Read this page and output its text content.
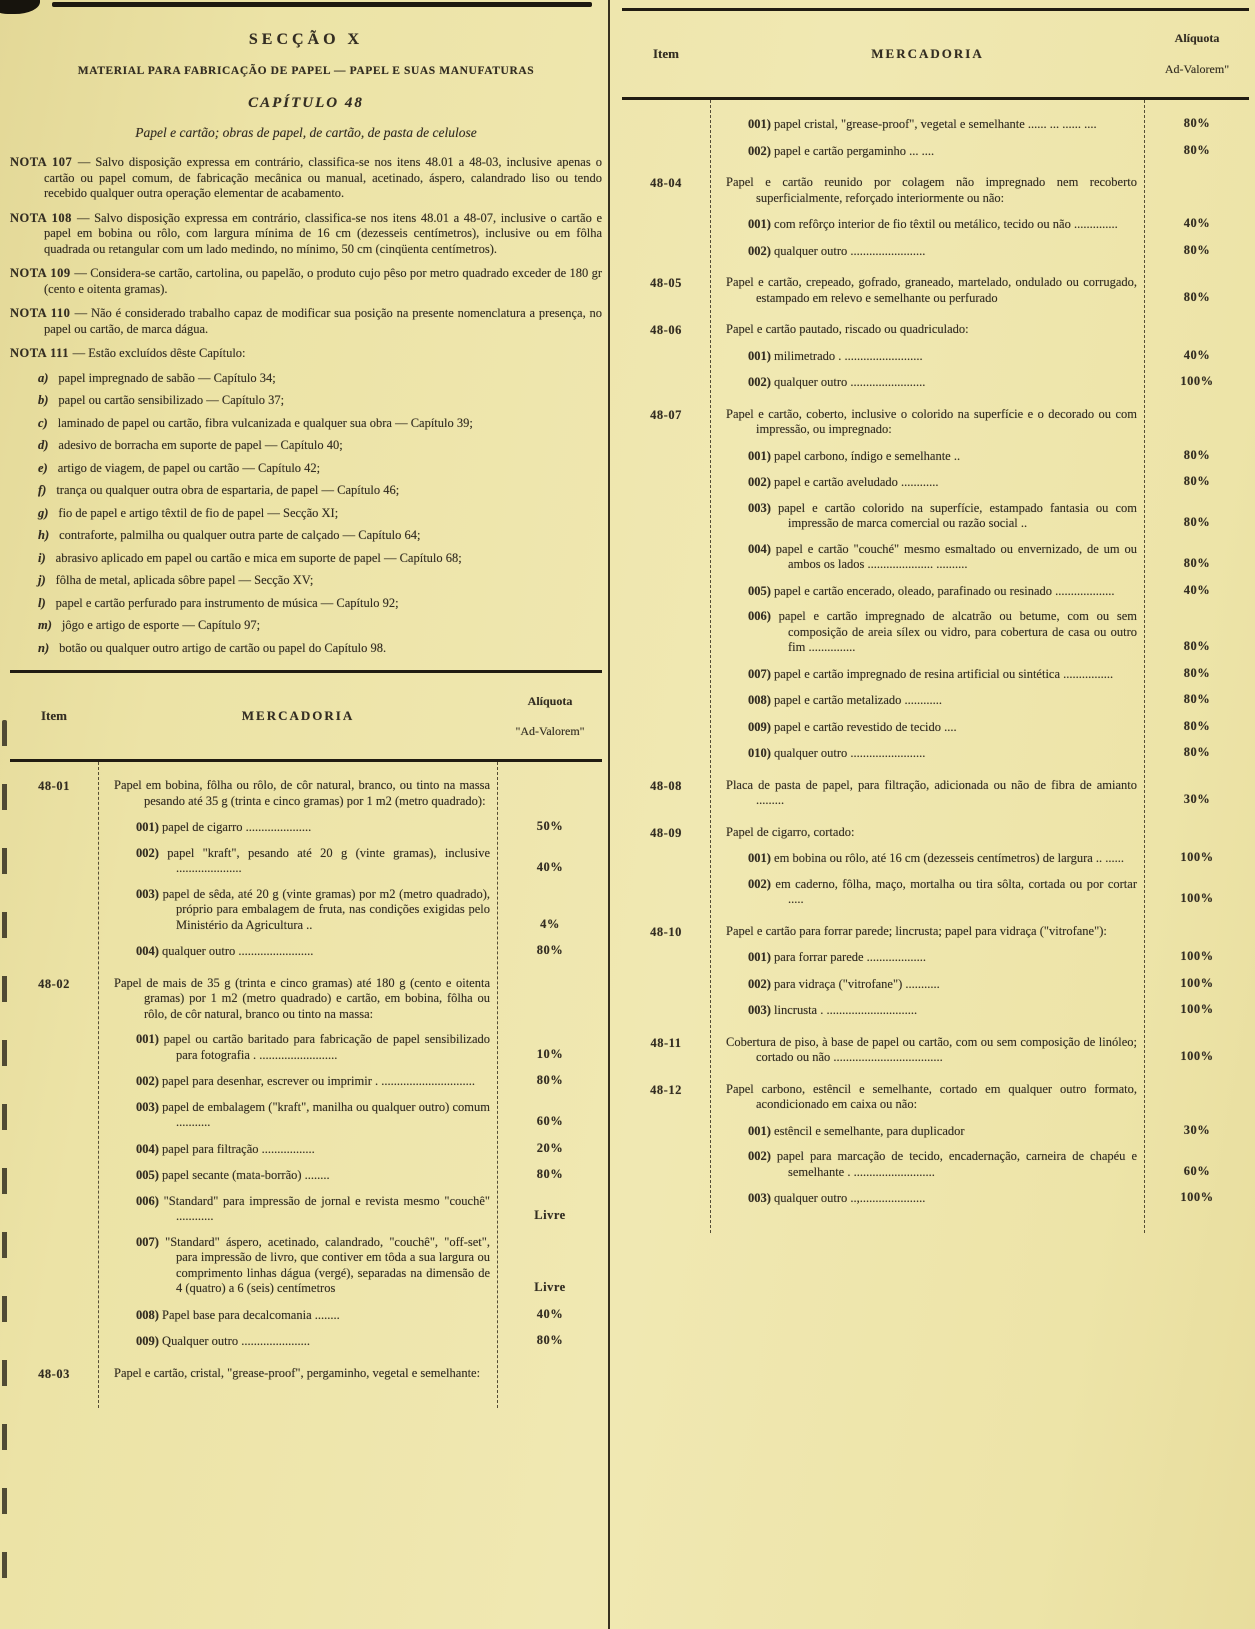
SECÇÃO X
MATERIAL PARA FABRICAÇÃO DE PAPEL — PAPEL E SUAS MANUFATURAS
CAPÍTULO 48
Papel e cartão; obras de papel, de cartão, de pasta de celulose
NOTA 107 — Salvo disposição expressa em contrário, classifica-se nos itens 48.01 a 48-03, inclusive apenas o cartão ou papel comum, de fabricação mecânica ou manual, acetinado, áspero, calandrado liso ou tendo recebido qualquer outra operação elementar de acabamento.
NOTA 108 — Salvo disposição expressa em contrário, classifica-se nos itens 48.01 a 48-07, inclusive o cartão e papel em bobina ou rôlo, com largura mínima de 16 cm (dezesseis centímetros), inclusive ou em fôlha quadrada ou retangular com um lado medindo, no mínimo, 50 cm (cinqüenta centímetros).
NOTA 109 — Considera-se cartão, cartolina, ou papelão, o produto cujo pêso por metro quadrado exceder de 180 gr (cento e oitenta gramas).
NOTA 110 — Não é considerado trabalho capaz de modificar sua posição na presente nomenclatura a presença, no papel ou cartão, de marca dágua.
NOTA 111 — Estão excluídos dêste Capítulo:
a) papel impregnado de sabão — Capítulo 34;
b) papel ou cartão sensibilizado — Capítulo 37;
c) laminado de papel ou cartão, fibra vulcanizada e qualquer sua obra — Capítulo 39;
d) adesivo de borracha em suporte de papel — Capítulo 40;
e) artigo de viagem, de papel ou cartão — Capítulo 42;
f) trança ou qualquer outra obra de espartaria, de papel — Capítulo 46;
g) fio de papel e artigo têxtil de fio de papel — Secção XI;
h) contraforte, palmilha ou qualquer outra parte de calçado — Capítulo 64;
i) abrasivo aplicado em papel ou cartão e mica em suporte de papel — Capítulo 68;
j) fôlha de metal, aplicada sôbre papel — Secção XV;
l) papel e cartão perfurado para instrumento de música — Capítulo 92;
m) jôgo e artigo de esporte — Capítulo 97;
n) botão ou qualquer outro artigo de cartão ou papel do Capítulo 98.
Item	MERCADORIA
Alíquota
"Ad-Valorem"
48-01	Papel em bobina, fôlha ou rôlo, de côr natural, branco, ou tinto na massa pesando até 35 g (trinta e cinco gramas) por 1 m2 (metro quadrado):
001) papel de cigarro .....................	50%
002) papel "kraft", pesando até 20 g (vinte gramas), inclusive .....................	40%
003) papel de sêda, até 20 g (vinte gramas) por m2 (metro quadrado), próprio para embalagem de fruta, nas condições exigidas pelo Ministério da Agricultura ..	4%
004) qualquer outro ........................	80%
48-02	Papel de mais de 35 g (trinta e cinco gramas) até 180 g (cento e oitenta gramas) por 1 m2 (metro quadrado) e cartão, em bobina, fôlha ou rôlo, de côr natural, branco ou tinto na massa:
001) papel ou cartão baritado para fabricação de papel sensibilizado para fotografia . .........................	10%
002) papel para desenhar, escrever ou imprimir . ..............................	80%
003) papel de embalagem ("kraft", manilha ou qualquer outro) comum ...........	60%
004) papel para filtração .................	20%
005) papel secante (mata-borrão) ........	80%
006) "Standard" para impressão de jornal e revista mesmo "couchê" ............	Livre
007) "Standard" áspero, acetinado, calandrado, "couchê", "off-set", para impressão de livro, que contiver em tôda a sua largura ou comprimento linhas dágua (vergé), separadas na dimensão de 4 (quatro) a 6 (seis) centímetros	Livre
008) Papel base para decalcomania ........	40%
009) Qualquer outro ......................	80%
48-03	Papel e cartão, cristal, "grease-proof", pergaminho, vegetal e semelhante:
Item	MERCADORIA
Alíquota
Ad-Valorem"
001) papel cristal, "grease-proof", vegetal e semelhante ...... ... ...... ....	80%
002) papel e cartão pergaminho ... ....	80%
48-04	Papel e cartão reunido por colagem não impregnado nem recoberto superficialmente, reforçado interiormente ou não:
001) com refôrço interior de fio têxtil ou metálico, tecido ou não ..............	40%
002) qualquer outro ........................	80%
48-05	Papel e cartão, crepeado, gofrado, graneado, martelado, ondulado ou corrugado, estampado em relevo e semelhante ou perfurado	80%
48-06	Papel e cartão pautado, riscado ou quadriculado:
001) milimetrado . .........................	40%
002) qualquer outro ........................	100%
48-07	Papel e cartão, coberto, inclusive o colorido na superfície e o decorado ou com impressão, ou impregnado:
001) papel carbono, índigo e semelhante ..	80%
002) papel e cartão aveludado ............	80%
003) papel e cartão colorido na superfície, estampado fantasia ou com impressão de marca comercial ou razão social ..	80%
004) papel e cartão "couché" mesmo esmaltado ou envernizado, de um ou ambos os lados ..................... ..........	80%
005) papel e cartão encerado, oleado, parafinado ou resinado ...................	40%
006) papel e cartão impregnado de alcatrão ou betume, com ou sem composição de areia sílex ou vidro, para cobertura de casa ou outro fim ...............	80%
007) papel e cartão impregnado de resina artificial ou sintética ................	80%
008) papel e cartão metalizado ............	80%
009) papel e cartão revestido de tecido ....	80%
010) qualquer outro ........................	80%
48-08	Placa de pasta de papel, para filtração, adicionada ou não de fibra de amianto .........	30%
48-09	Papel de cigarro, cortado:
001) em bobina ou rôlo, até 16 cm (dezesseis centímetros) de largura .. ......	100%
002) em caderno, fôlha, maço, mortalha ou tira sôlta, cortada ou por cortar .....	100%
48-10	Papel e cartão para forrar parede; lincrusta; papel para vidraça ("vitrofane"):
001) para forrar parede ...................	100%
002) para vidraça ("vitrofane") ...........	100%
003) lincrusta . .............................	100%
48-11	Cobertura de piso, à base de papel ou cartão, com ou sem composição de linóleo; cortado ou não ...................................	100%
48-12	Papel carbono, estêncil e semelhante, cortado em qualquer outro formato, acondicionado em caixa ou não:
001) estêncil e semelhante, para duplicador	30%
002) papel para marcação de tecido, encadernação, carneira de chapéu e semelhante . ..........................	60%
003) qualquer outro ..,.....................	100%
